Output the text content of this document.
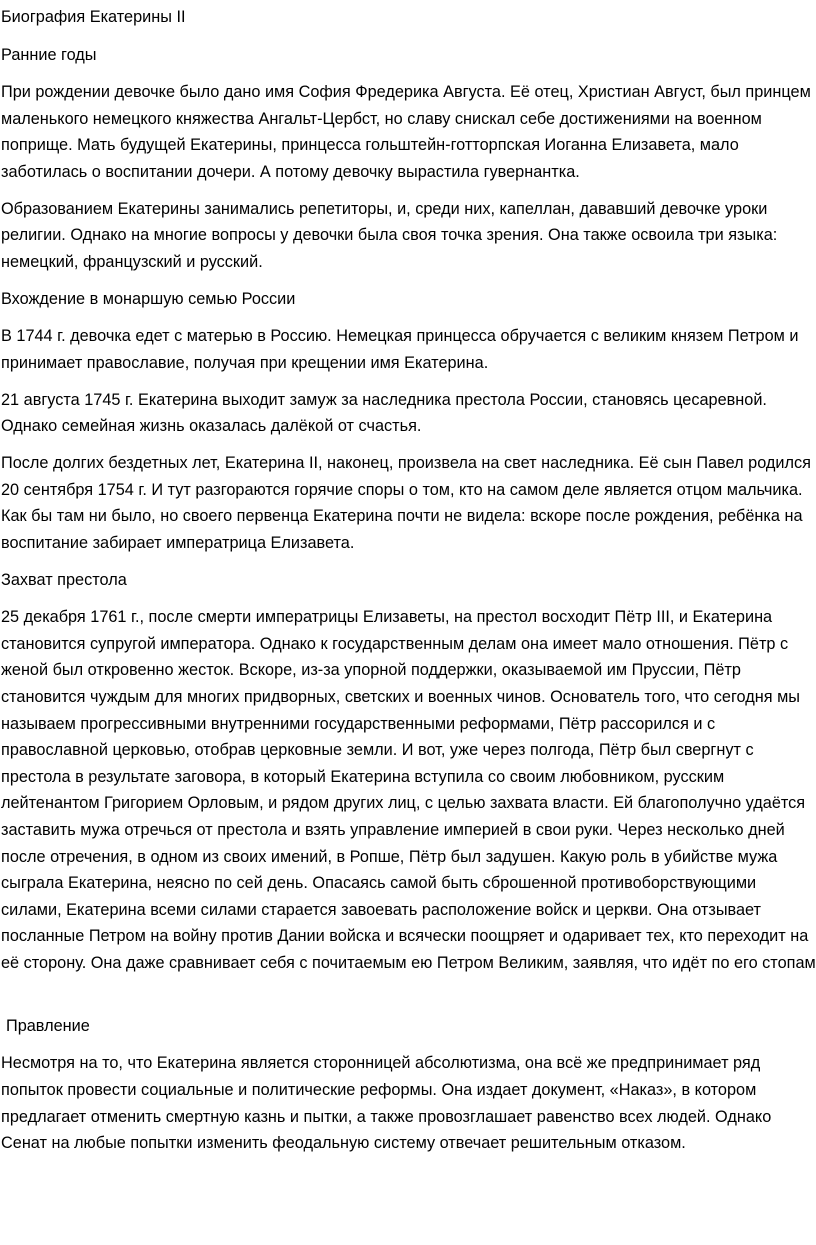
Биография Екатерины II

Ранние годы

При рождении девочке было дано имя София Фредерика Августа. Её отец, Христиан Август, был принцем маленького немецкого княжества Ангальт-Цербст, но славу снискал себе достижениями на военном поприще. Мать будущей Екатерины, принцесса гольштейн-готторпская Иоганна Елизавета, мало заботилась о воспитании дочери. А потому девочку вырастила гувернантка.

Образованием Екатерины занимались репетиторы, и, среди них, капеллан, дававший девочке уроки религии. Однако на многие вопросы у девочки была своя точка зрения. Она также освоила три языка: немецкий, французский и русский.

Вхождение в монаршую семью России

В 1744 г. девочка едет с матерью в Россию. Немецкая принцесса обручается с великим князем Петром и принимает православие, получая при крещении имя Екатерина.

21 августа 1745 г. Екатерина выходит замуж за наследника престола России, становясь цесаревной. Однако семейная жизнь оказалась далёкой от счастья.

После долгих бездетных лет, Екатерина II, наконец, произвела на свет наследника. Её сын Павел родился 20 сентября 1754 г. И тут разгораются горячие споры о том, кто на самом деле является отцом мальчика. Как бы там ни было, но своего первенца Екатерина почти не видела: вскоре после рождения, ребёнка на воспитание забирает императрица Елизавета.

Захват престола

25 декабря 1761 г., после смерти императрицы Елизаветы, на престол восходит Пётр III, и Екатерина становится супругой императора. Однако к государственным делам она имеет мало отношения. Пётр с женой был откровенно жесток. Вскоре, из-за упорной поддержки, оказываемой им Пруссии, Пётр становится чуждым для многих придворных, светских и военных чинов. Основатель того, что сегодня мы называем прогрессивными внутренними государственными реформами, Пётр рассорился и с православной церковью, отобрав церковные земли. И вот, уже через полгода, Пётр был свергнут с престола в результате заговора, в который Екатерина вступила со своим любовником, русским лейтенантом Григорием Орловым, и рядом других лиц, с целью захвата власти. Ей благополучно удаётся заставить мужа отречься от престола и взять управление империей в свои руки. Через несколько дней после отречения, в одном из своих имений, в Ропше, Пётр был задушен. Какую роль в убийстве мужа сыграла Екатерина, неясно по сей день. Опасаясь самой быть сброшенной противоборствующими силами, Екатерина всеми силами старается завоевать расположение войск и церкви. Она отзывает посланные Петром на войну против Дании войска и всячески поощряет и одаривает тех, кто переходит на её сторону. Она даже сравнивает себя с почитаемым ею Петром Великим, заявляя, что идёт по его стопам

Правление

Несмотря на то, что Екатерина является сторонницей абсолютизма, она всё же предпринимает ряд попыток провести социальные и политические реформы. Она издает документ, «Наказ», в котором предлагает отменить смертную казнь и пытки, а также провозглашает равенство всех людей. Однако Сенат на любые попытки изменить феодальную систему отвечает решительным отказом.
